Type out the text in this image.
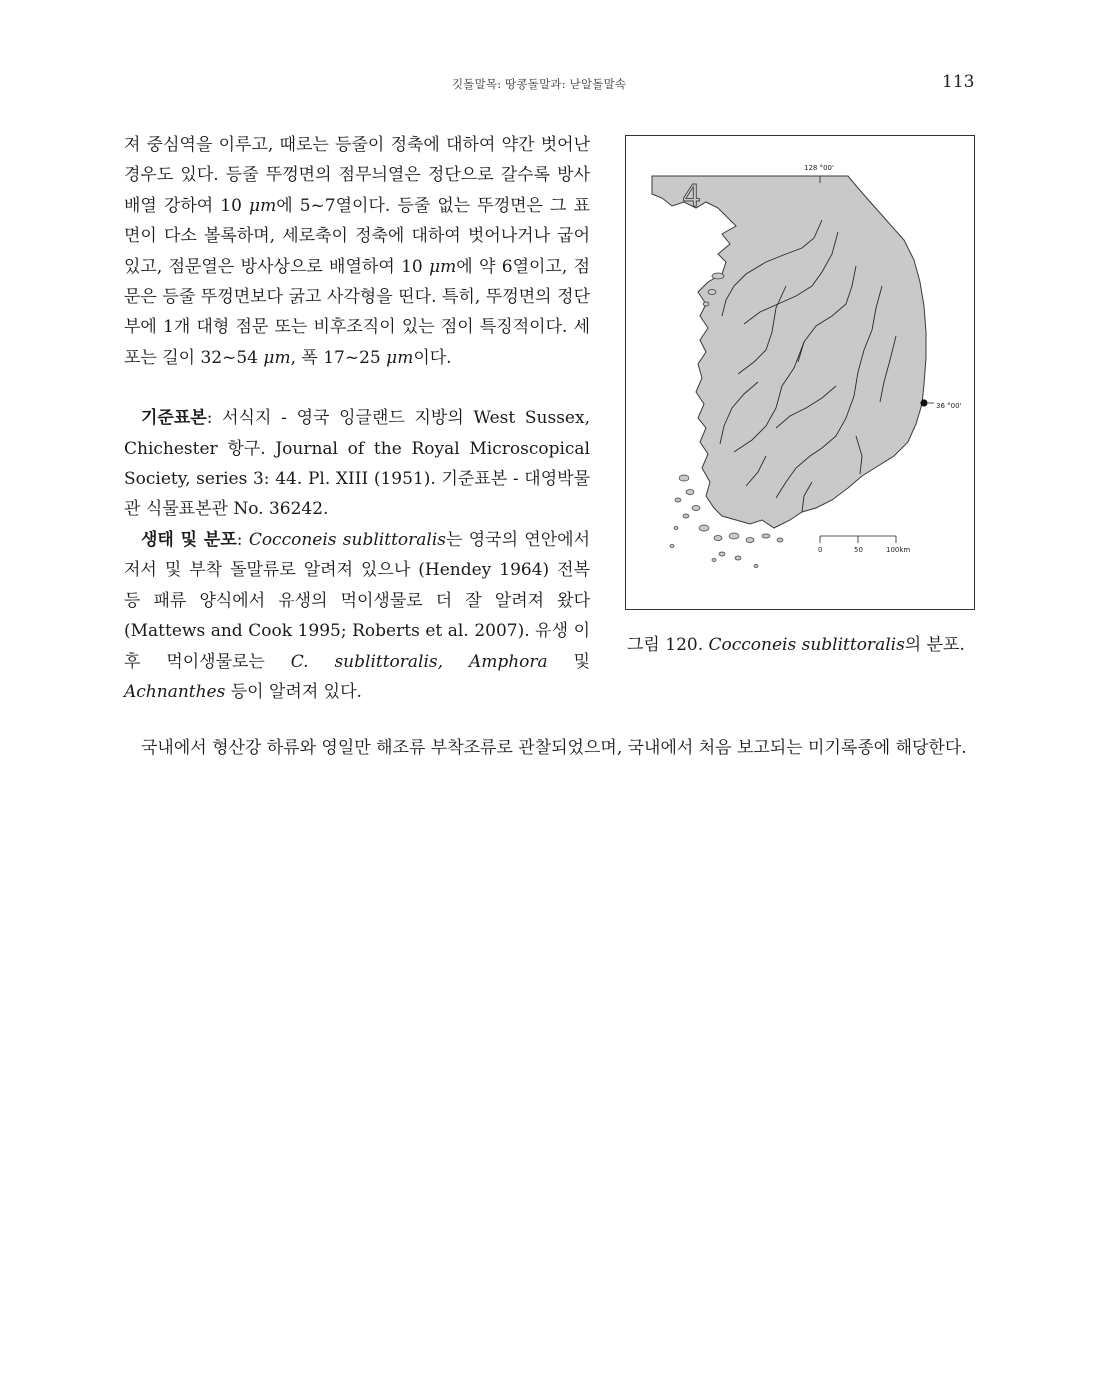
깃돌말목: 땅콩돌말과: 낟알돌말속	113

져 중심역을 이루고, 때로는 등줄이 정축에 대하여 약간 벗어난 경우도 있다. 등줄 뚜껑면의 점무늬열은 정단으로 갈수록 방사배열 강하여 10 μm에 5~7열이다. 등줄 없는 뚜껑면은 그 표면이 다소 볼록하며, 세로축이 정축에 대하여 벗어나거나 굽어 있고, 점문열은 방사상으로 배열하여 10 μm에 약 6열이고, 점문은 등줄 뚜껑면보다 굵고 사각형을 띤다. 특히, 뚜껑면의 정단부에 1개 대형 점문 또는 비후조직이 있는 점이 특징적이다. 세포는 길이 32~54 μm, 폭 17~25 μm이다.

기준표본: 서식지 - 영국 잉글랜드 지방의 West Sussex, Chichester 항구. Journal of the Royal Microscopical Society, series 3: 44. Pl. XIII (1951). 기준표본 - 대영박물관 식물표본관 No. 36242.

생태 및 분포: Cocconeis sublittoralis는 영국의 연안에서 저서 및 부착 돌말류로 알려져 있으나 (Hendey 1964) 전복 등 패류 양식에서 유생의 먹이생물로 더 잘 알려져 왔다 (Mattews and Cook 1995; Roberts et al. 2007). 유생 이후 먹이생물로는 C. sublittoralis, Amphora 및 Achnanthes 등이 알려져 있다.

국내에서 형산강 하류와 영일만 해조류 부착조류로 관찰되었으며, 국내에서 처음 보고되는 미기록종에 해당한다.
4
128 °00'
36 °00'
0	50	100km
그림 120. Cocconeis sublittoralis의 분포.
